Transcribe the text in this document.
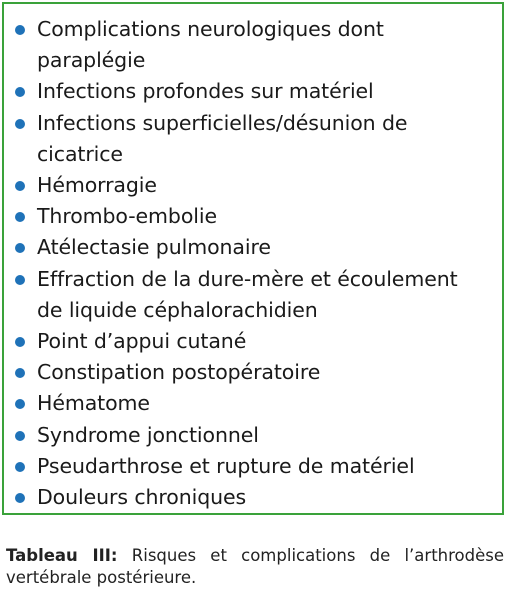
Complications neurologiques dont paraplégie
Infections profondes sur matériel
Infections superficielles/désunion de cicatrice
Hémorragie
Thrombo-embolie
Atélectasie pulmonaire
Effraction de la dure-mère et écoulement de liquide céphalorachidien
Point d’appui cutané
Constipation postopératoire
Hématome
Syndrome jonctionnel
Pseudarthrose et rupture de matériel
Douleurs chroniques
Tableau III: Risques et complications de l’arthrodèse vertébrale postérieure.
